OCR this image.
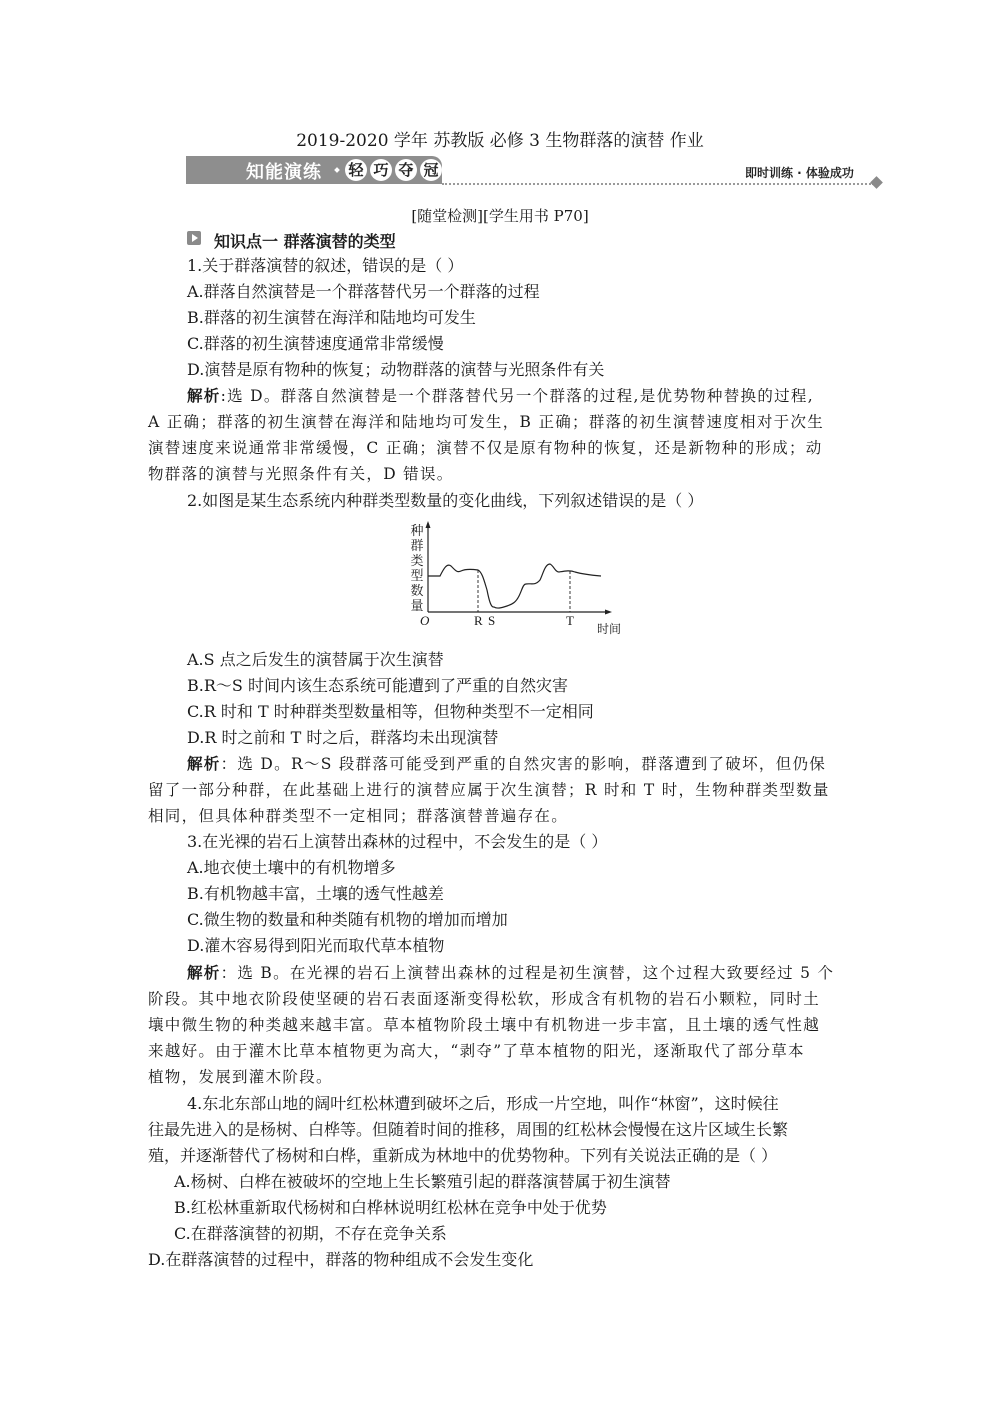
2019-2020 学年 苏教版 必修 3 生物群落的演替 作业
知能演练 轻 巧 夺 冠	即时训练 · 体验成功
[随堂检测][学生用书 P70]
知识点一 群落演替的类型
1.关于群落演替的叙述，错误的是（ ）
A.群落自然演替是一个群落替代另一个群落的过程
B.群落的初生演替在海洋和陆地均可发生
C.群落的初生演替速度通常非常缓慢
D.演替是原有物种的恢复；动物群落的演替与光照条件有关
解析:选 D。群落自然演替是一个群落替代另一个群落的过程,是优势物种替换的过程,
A 正确；群落的初生演替在海洋和陆地均可发生，B 正确；群落的初生演替速度相对于次生
演替速度来说通常非常缓慢，C 正确；演替不仅是原有物种的恢复，还是新物种的形成；动
物群落的演替与光照条件有关，D 错误。
2.如图是某生态系统内种群类型数量的变化曲线，下列叙述错误的是（ ）
种群类型数量
O	R S	T
时间
A.S 点之后发生的演替属于次生演替
B.R～S 时间内该生态系统可能遭到了严重的自然灾害
C.R 时和 T 时种群类型数量相等，但物种类型不一定相同
D.R 时之前和 T 时之后，群落均未出现演替
解析：选 D。R～S 段群落可能受到严重的自然灾害的影响，群落遭到了破坏，但仍保
留了一部分种群，在此基础上进行的演替应属于次生演替；R 时和 T 时，生物种群类型数量
相同，但具体种群类型不一定相同；群落演替普遍存在。
3.在光裸的岩石上演替出森林的过程中，不会发生的是（ ）
A.地衣使土壤中的有机物增多
B.有机物越丰富，土壤的透气性越差
C.微生物的数量和种类随有机物的增加而增加
D.灌木容易得到阳光而取代草本植物
解析：选 B。在光裸的岩石上演替出森林的过程是初生演替，这个过程大致要经过 5 个
阶段。其中地衣阶段使坚硬的岩石表面逐渐变得松软，形成含有机物的岩石小颗粒，同时土
壤中微生物的种类越来越丰富。草本植物阶段土壤中有机物进一步丰富，且土壤的透气性越
来越好。由于灌木比草本植物更为高大，“剥夺”了草本植物的阳光，逐渐取代了部分草本
植物，发展到灌木阶段。
4.东北东部山地的阔叶红松林遭到破坏之后，形成一片空地，叫作“林窗”，这时候往
往最先进入的是杨树、白桦等。但随着时间的推移，周围的红松林会慢慢在这片区域生长繁
殖，并逐渐替代了杨树和白桦，重新成为林地中的优势物种。下列有关说法正确的是（ ）
A.杨树、白桦在被破坏的空地上生长繁殖引起的群落演替属于初生演替
B.红松林重新取代杨树和白桦林说明红松林在竞争中处于优势
C.在群落演替的初期，不存在竞争关系
D.在群落演替的过程中，群落的物种组成不会发生变化
